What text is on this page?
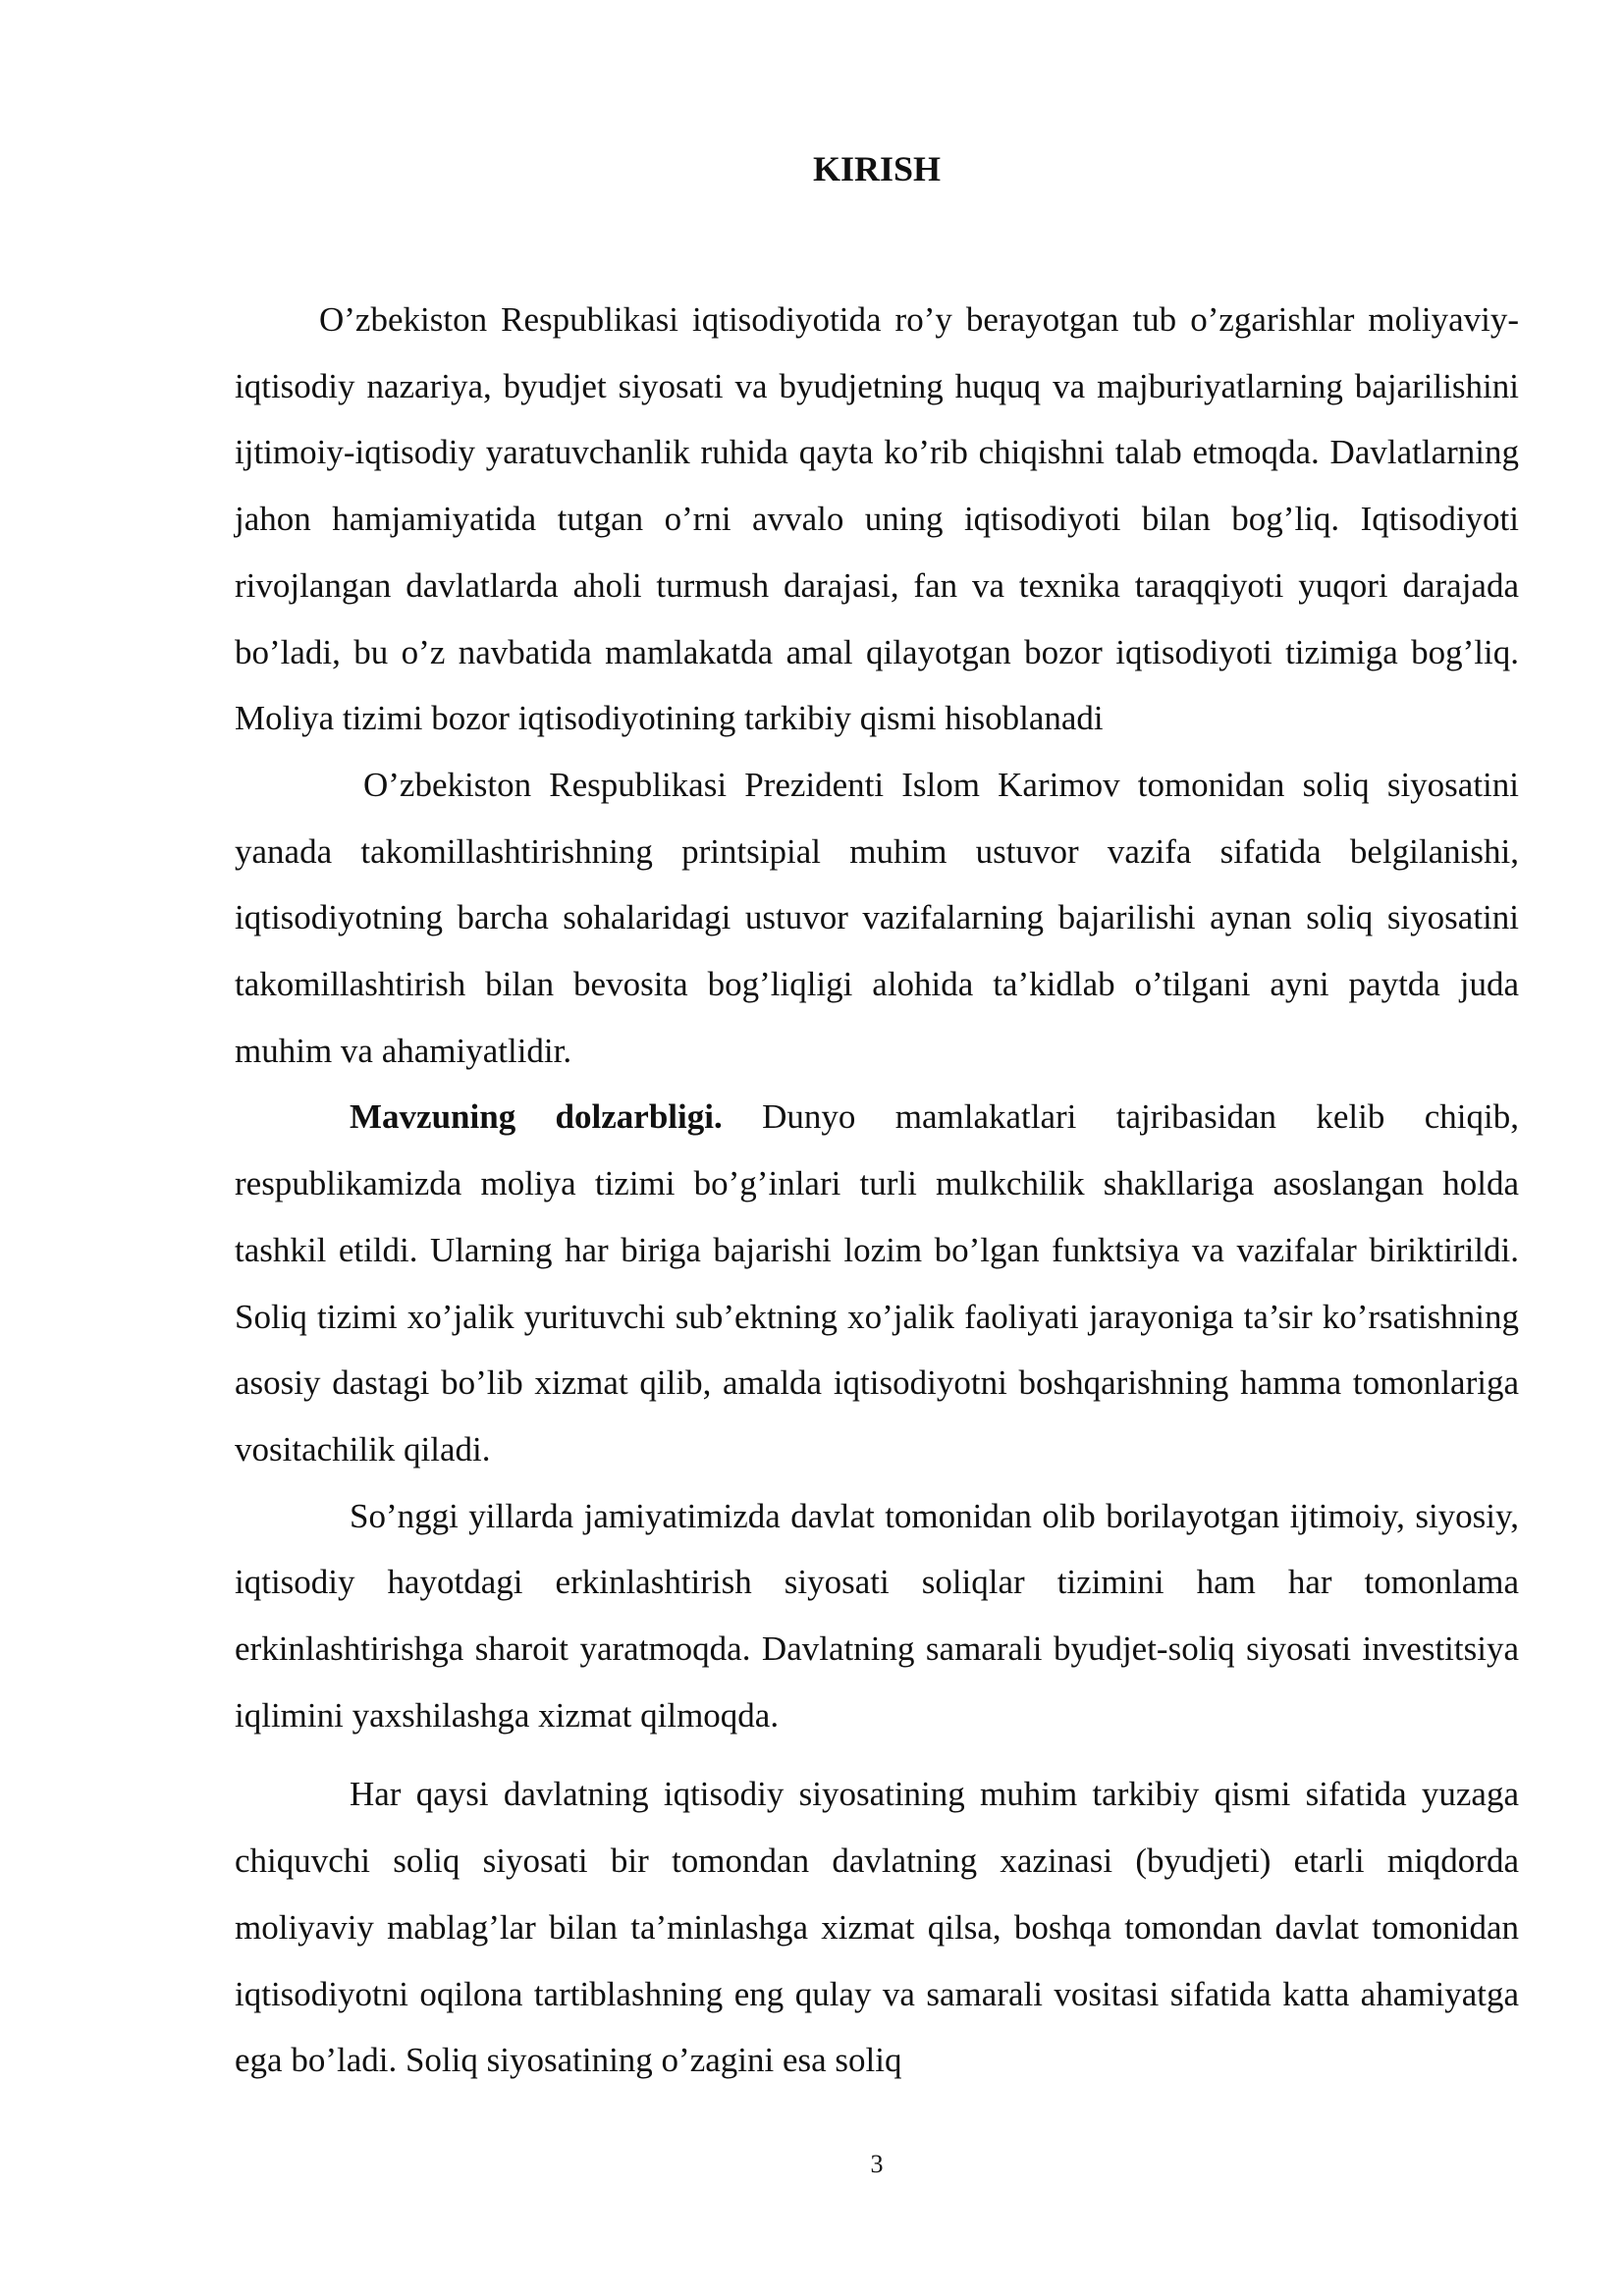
KIRISH

O’zbekiston Respublikasi iqtisodiyotida ro’y berayotgan tub o’zgarishlar moliyaviy-iqtisodiy nazariya, byudjet siyosati va byudjetning huquq va majburiyatlarning bajarilishini ijtimoiy-iqtisodiy yaratuvchanlik ruhida qayta ko’rib chiqishni talab etmoqda. Davlatlarning jahon hamjamiyatida tutgan o’rni avvalo uning iqtisodiyoti bilan bog’liq. Iqtisodiyoti rivojlangan davlatlarda aholi turmush darajasi, fan va texnika taraqqiyoti yuqori darajada bo’ladi, bu o’z navbatida mamlakatda amal qilayotgan bozor iqtisodiyoti tizimiga bog’liq. Moliya tizimi bozor iqtisodiyotining tarkibiy qismi hisoblanadi

O’zbekiston Respublikasi Prezidenti Islom Karimov tomonidan soliq siyosatini yanada takomillashtirishning printsipial muhim ustuvor vazifa sifatida belgilanishi, iqtisodiyotning barcha sohalaridagi ustuvor vazifalarning bajarilishi aynan soliq siyosatini takomillashtirish bilan bevosita bog’liqligi alohida ta’kidlab o’tilgani ayni paytda juda muhim va ahamiyatlidir.

Mavzuning dolzarbligi. Dunyo mamlakatlari tajribasidan kelib chiqib, respublikamizda moliya tizimi bo’g’inlari turli mulkchilik shakllariga asoslangan holda tashkil etildi. Ularning har biriga bajarishi lozim bo’lgan funktsiya va vazifalar biriktirildi. Soliq tizimi xo’jalik yurituvchi sub’ektning xo’jalik faoliyati jarayoniga ta’sir ko’rsatishning asosiy dastagi bo’lib xizmat qilib, amalda iqtisodiyotni boshqarishning hamma tomonlariga vositachilik qiladi.

So’nggi yillarda jamiyatimizda davlat tomonidan olib borilayotgan ijtimoiy, siyosiy, iqtisodiy hayotdagi erkinlashtirish siyosati soliqlar tizimini ham har tomonlama erkinlashtirishga sharoit yaratmoqda. Davlatning samarali byudjet-soliq siyosati investitsiya iqlimini yaxshilashga xizmat qilmoqda.

Har qaysi davlatning iqtisodiy siyosatining muhim tarkibiy qismi sifatida yuzaga chiquvchi soliq siyosati bir tomondan davlatning xazinasi (byudjeti) etarli miqdorda moliyaviy mablag’lar bilan ta’minlashga xizmat qilsa, boshqa tomondan davlat tomonidan iqtisodiyotni oqilona tartiblashning eng qulay va samarali vositasi sifatida katta ahamiyatga ega bo’ladi. Soliq siyosatining o’zagini esa soliq

3
